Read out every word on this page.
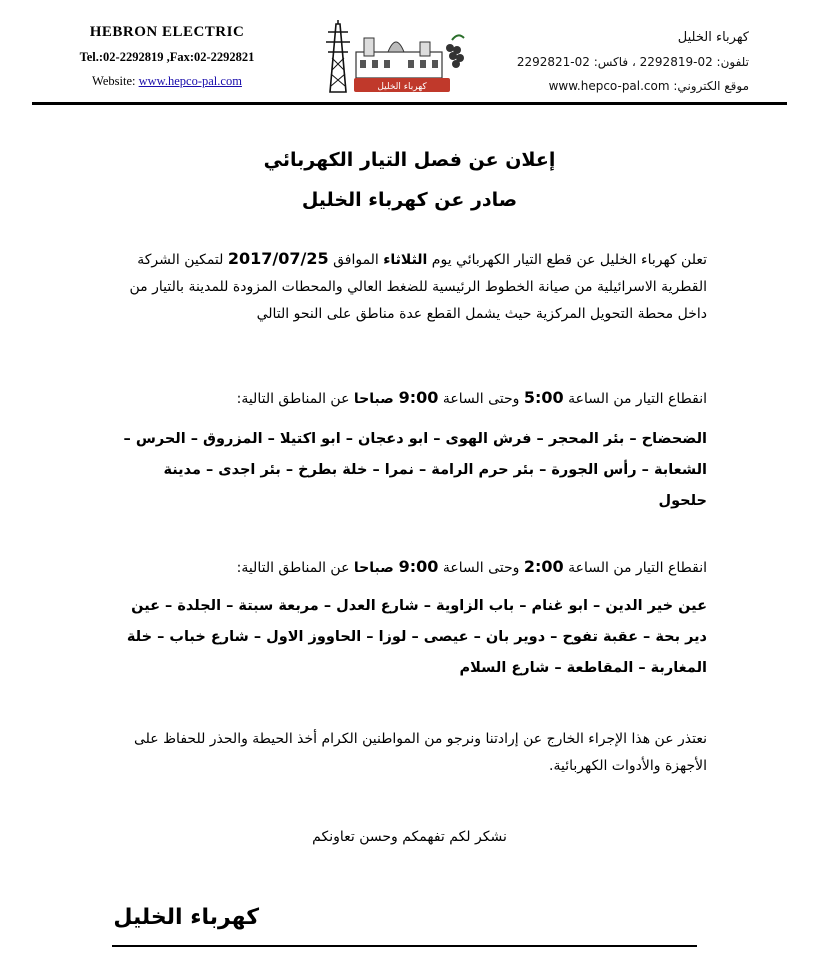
HEBRON ELECTRIC
Tel.:02-2292819 ,Fax:02-2292821
Website: www.hepco-pal.com	كهرباء الخليل
كهرباء الخليل
تلفون: 02-2292819 ، فاكس: 02-2292821
موقع الكتروني: www.hepco-pal.com
إعلان عن فصل التيار الكهربائي
صادر عن كهرباء الخليل
تعلن كهرباء الخليل عن قطع التيار الكهربائي يوم الثلاثاء الموافق 2017/07/25 لتمكين الشركة القطرية الاسرائيلية من صيانة الخطوط الرئيسية للضغط العالي والمحطات المزودة للمدينة بالتيار من داخل محطة التحويل المركزية حيث يشمل القطع عدة مناطق على النحو التالي
انقطاع التيار من الساعة 5:00 وحتى الساعة 9:00 صباحا عن المناطق التالية:
الضحضاح – بئر المحجر – فرش الهوى – ابو دعجان – ابو اكتيلا – المزروق – الحرس – الشعابة – رأس الجورة – بئر حرم الرامة – نمرا – خلة بطرخ – بئر اجدى – مدينة حلحول
انقطاع التيار من الساعة 2:00 وحتى الساعة 9:00 صباحا عن المناطق التالية:
عين خير الدين – ابو غنام – باب الزاوية – شارع العدل – مربعة سبتة – الجلدة – عين دير بحة – عقبة تفوح – دوير بان – عيصى – لوزا – الحاووز الاول – شارع خباب – خلة المغاربة – المقاطعة – شارع السلام
نعتذر عن هذا الإجراء الخارج عن إرادتنا ونرجو من المواطنين الكرام أخذ الحيطة والحذر للحفاظ على الأجهزة والأدوات الكهربائية.
نشكر لكم تفهمكم وحسن تعاونكم
كهرباء الخليل
